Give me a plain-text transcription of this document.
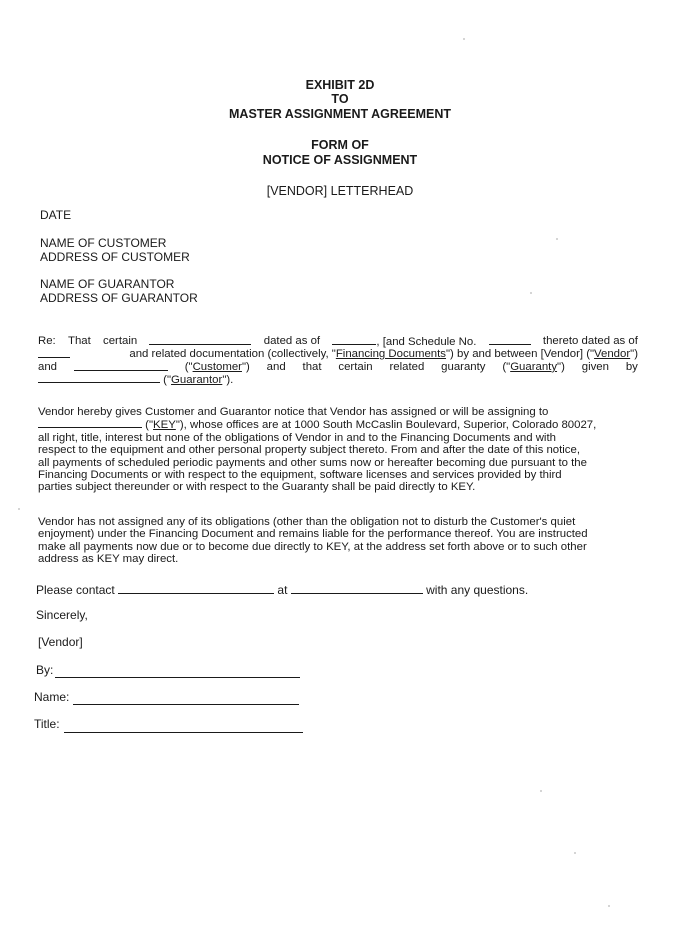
EXHIBIT 2D
TO
MASTER ASSIGNMENT AGREEMENT
FORM OF
NOTICE OF ASSIGNMENT
[VENDOR] LETTERHEAD
DATE
NAME OF CUSTOMER
ADDRESS OF CUSTOMER
NAME OF GUARANTOR
ADDRESS OF GUARANTOR
Re: That certain	dated as of	, [and Schedule No.	thereto dated as of
and related documentation (collectively, "Financing Documents") by and between [Vendor] ("Vendor")
and	("Customer") and that certain related guaranty ("Guaranty") given by
("Guarantor").
Vendor hereby gives Customer and Guarantor notice that Vendor has assigned or will be assigning to
("KEY"), whose offices are at 1000 South McCaslin Boulevard, Superior, Colorado 80027,
all right, title, interest but none of the obligations of Vendor in and to the Financing Documents and with
respect to the equipment and other personal property subject thereto. From and after the date of this notice,
all payments of scheduled periodic payments and other sums now or hereafter becoming due pursuant to the
Financing Documents or with respect to the equipment, software licenses and services provided by third
parties subject thereunder or with respect to the Guaranty shall be paid directly to KEY.
Vendor has not assigned any of its obligations (other than the obligation not to disturb the Customer's quiet
enjoyment) under the Financing Document and remains liable for the performance thereof. You are instructed
make all payments now due or to become due directly to KEY, at the address set forth above or to such other
address as KEY may direct.
Please contact	at	with any questions.
Sincerely,
[Vendor]
By:
Name:
Title:
